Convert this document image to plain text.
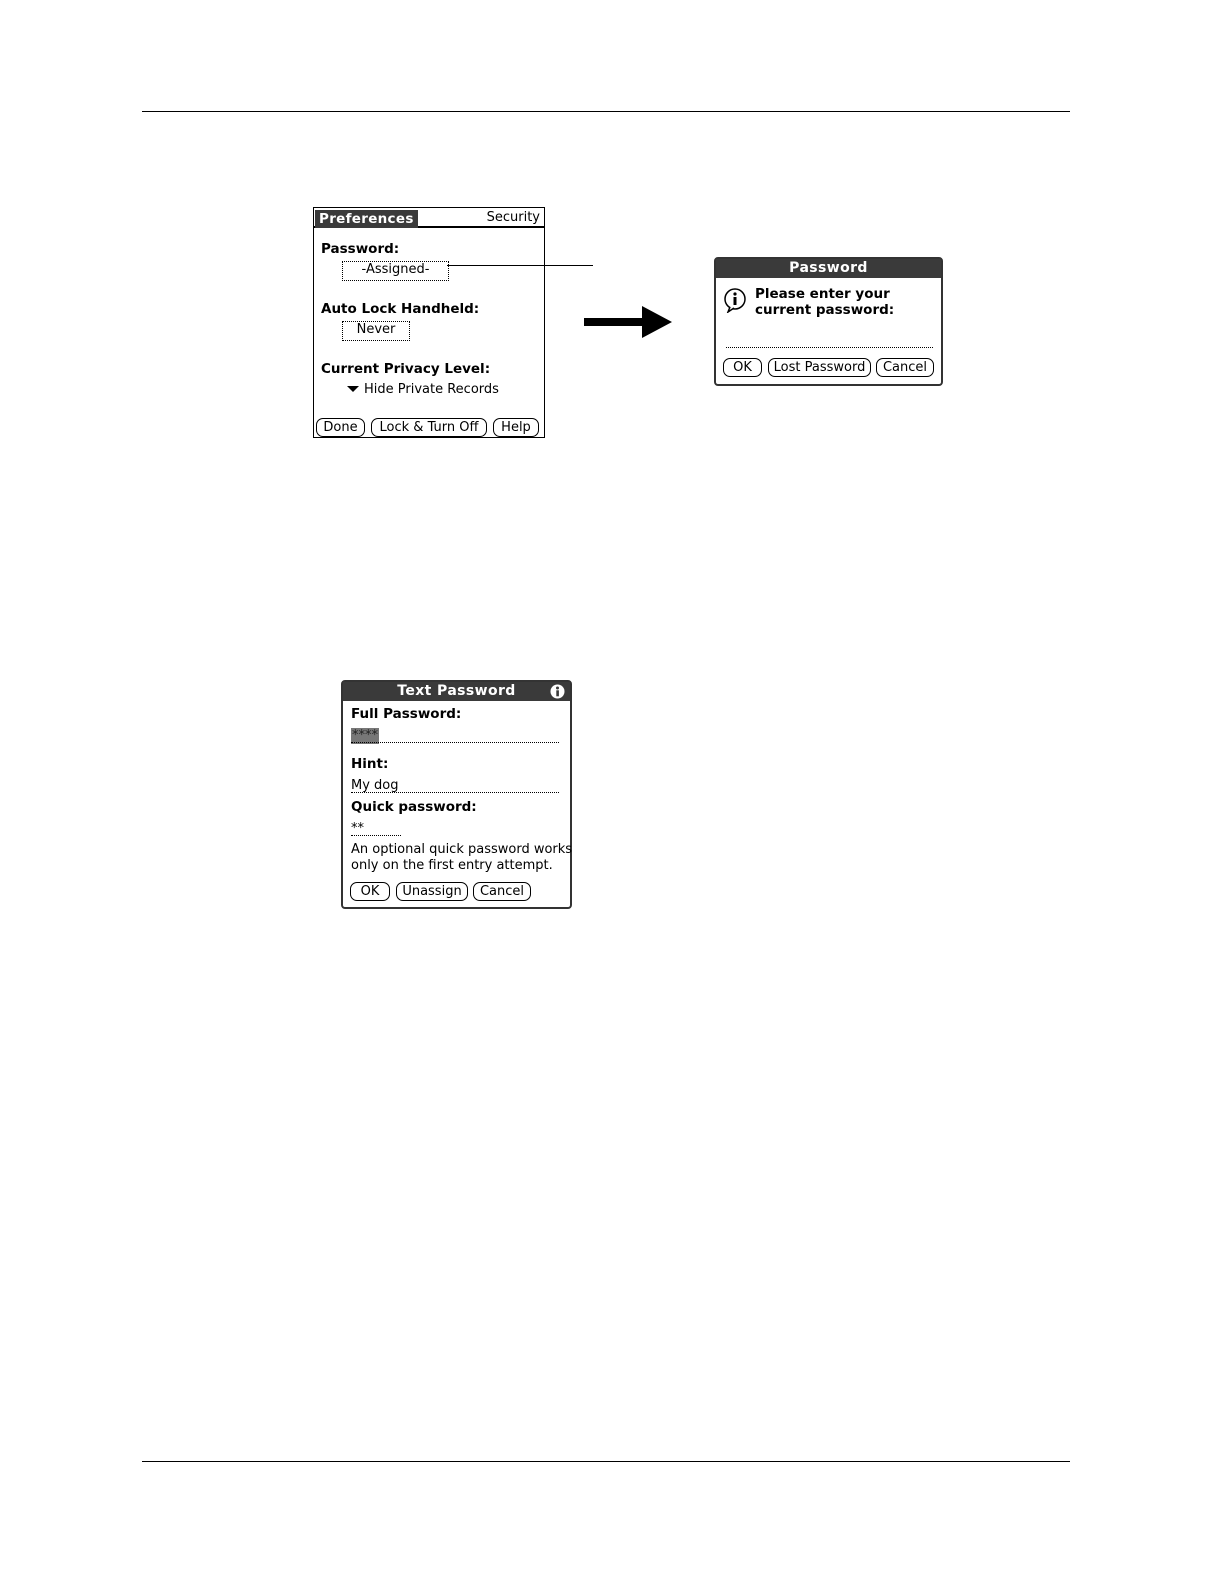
Preferences	Security
Password:
-Assigned-
Auto Lock Handheld:
Never
Current Privacy Level:
Hide Private Records
Done	Lock & Turn Off	Help
Password
Please enter your
current password:
OK	Lost Password	Cancel
Text Password
Full Password:
****
Hint:
My dog
Quick password:
**
An optional quick password works
only on the first entry attempt.
OK	Unassign	Cancel
